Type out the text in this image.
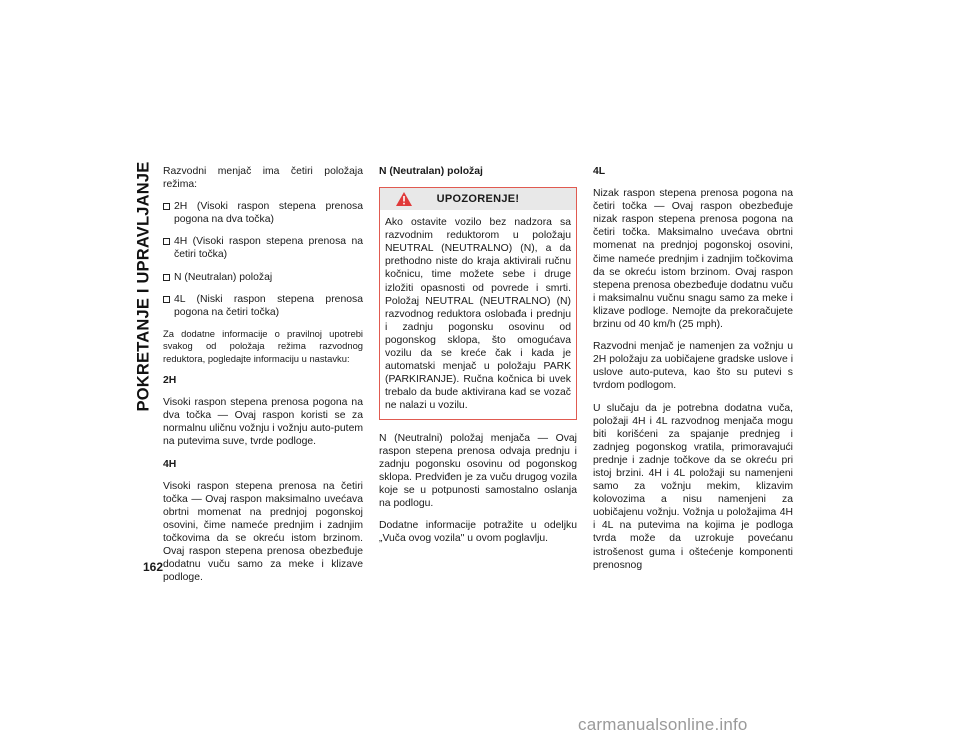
POKRETANJE I UPRAVLJANJE Razvodni menjač ima četiri položaja režima:

2H (Visoki raspon stepena prenosa pogona na dva točka)
4H (Visoki raspon stepena prenosa na četiri točka)
N (Neutralan) položaj
4L (Niski raspon stepena prenosa pogona na četiri točka)

Za dodatne informacije o pravilnoj upotrebi svakog od položaja režima razvodnog reduktora, pogledajte informaciju u nastavku:

2H

Visoki raspon stepena prenosa pogona na dva točka — Ovaj raspon koristi se za normalnu uličnu vožnju i vožnju auto-putem na putevima suve, tvrde podloge.

4H

Visoki raspon stepena prenosa na četiri točka — Ovaj raspon maksimalno uvećava obrtni momenat na prednjoj pogonskoj osovini, čime nameće prednjim i zadnjim točkovima da se okreću istom brzinom. Ovaj raspon stepena prenosa obezbeđuje dodatnu vuču samo za meke i klizave podloge.

N (Neutralan) položaj

UPOZORENJE!
Ako ostavite vozilo bez nadzora sa razvodnim reduktorom u položaju NEUTRAL (NEUTRALNO) (N), a da prethodno niste do kraja aktivirali ručnu kočnicu, time možete sebe i druge izložiti opasnosti od povrede i smrti. Položaj NEUTRAL (NEUTRALNO) (N) razvodnog reduktora oslobađa i prednju i zadnju pogonsku osovinu od pogonskog sklopa, što omogućava vozilu da se kreće čak i kada je automatski menjač u položaju PARK (PARKIRANJE). Ručna kočnica bi uvek trebalo da bude aktivirana kad se vozač ne nalazi u vozilu.

N (Neutralni) položaj menjača — Ovaj raspon stepena prenosa odvaja prednju i zadnju pogonsku osovinu od pogonskog sklopa. Predviđen je za vuču drugog vozila koje se u potpunosti samostalno oslanja na podlogu.

Dodatne informacije potražite u odeljku „Vuča ovog vozila" u ovom poglavlju.

4L

Nizak raspon stepena prenosa pogona na četiri točka — Ovaj raspon obezbeđuje nizak raspon stepena prenosa pogona na četiri točka. Maksimalno uvećava obrtni momenat na prednjoj pogonskoj osovini, čime nameće prednjim i zadnjim točkovima da se okreću istom brzinom. Ovaj raspon stepena prenosa obezbeđuje dodatnu vuču i maksimalnu vučnu snagu samo za meke i klizave podloge. Nemojte da prekoračujete brzinu od 40 km/h (25 mph).

Razvodni menjač je namenjen za vožnju u 2H položaju za uobičajene gradske uslove i uslove auto-puteva, kao što su putevi s tvrdom podlogom.

U slučaju da je potrebna dodatna vuča, položaji 4H i 4L razvodnog menjača mogu biti korišćeni za spajanje prednjeg i zadnjeg pogonskog vratila, primoravajući prednje i zadnje točkove da se okreću pri istoj brzini. 4H i 4L položaji su namenjeni samo za vožnju mekim, klizavim kolovozima a nisu namenjeni za uobičajenu vožnju. Vožnja u položajima 4H i 4L na putevima na kojima je podloga tvrda može da uzrokuje povećanu istrošenost guma i oštećenje komponenti prenosnog

162
carmanualsonline.info
